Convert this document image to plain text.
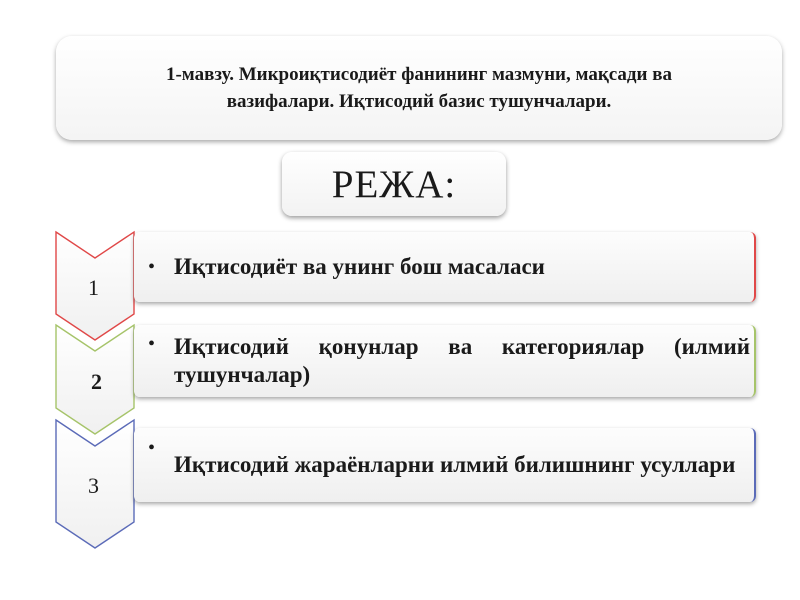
1-мавзу. Микроиқтисодиёт фанининг мазмуни, мақсади ва вазифалари. Иқтисодий базис тушунчалари.
РЕЖА:
1
2
3
• Иқтисодиёт ва унинг бош масаласи
• Иқтисодий қонунлар ва категориялар (илмий тушунчалар)
•
Иқтисодий жараёнларни илмий билишнинг усуллари
